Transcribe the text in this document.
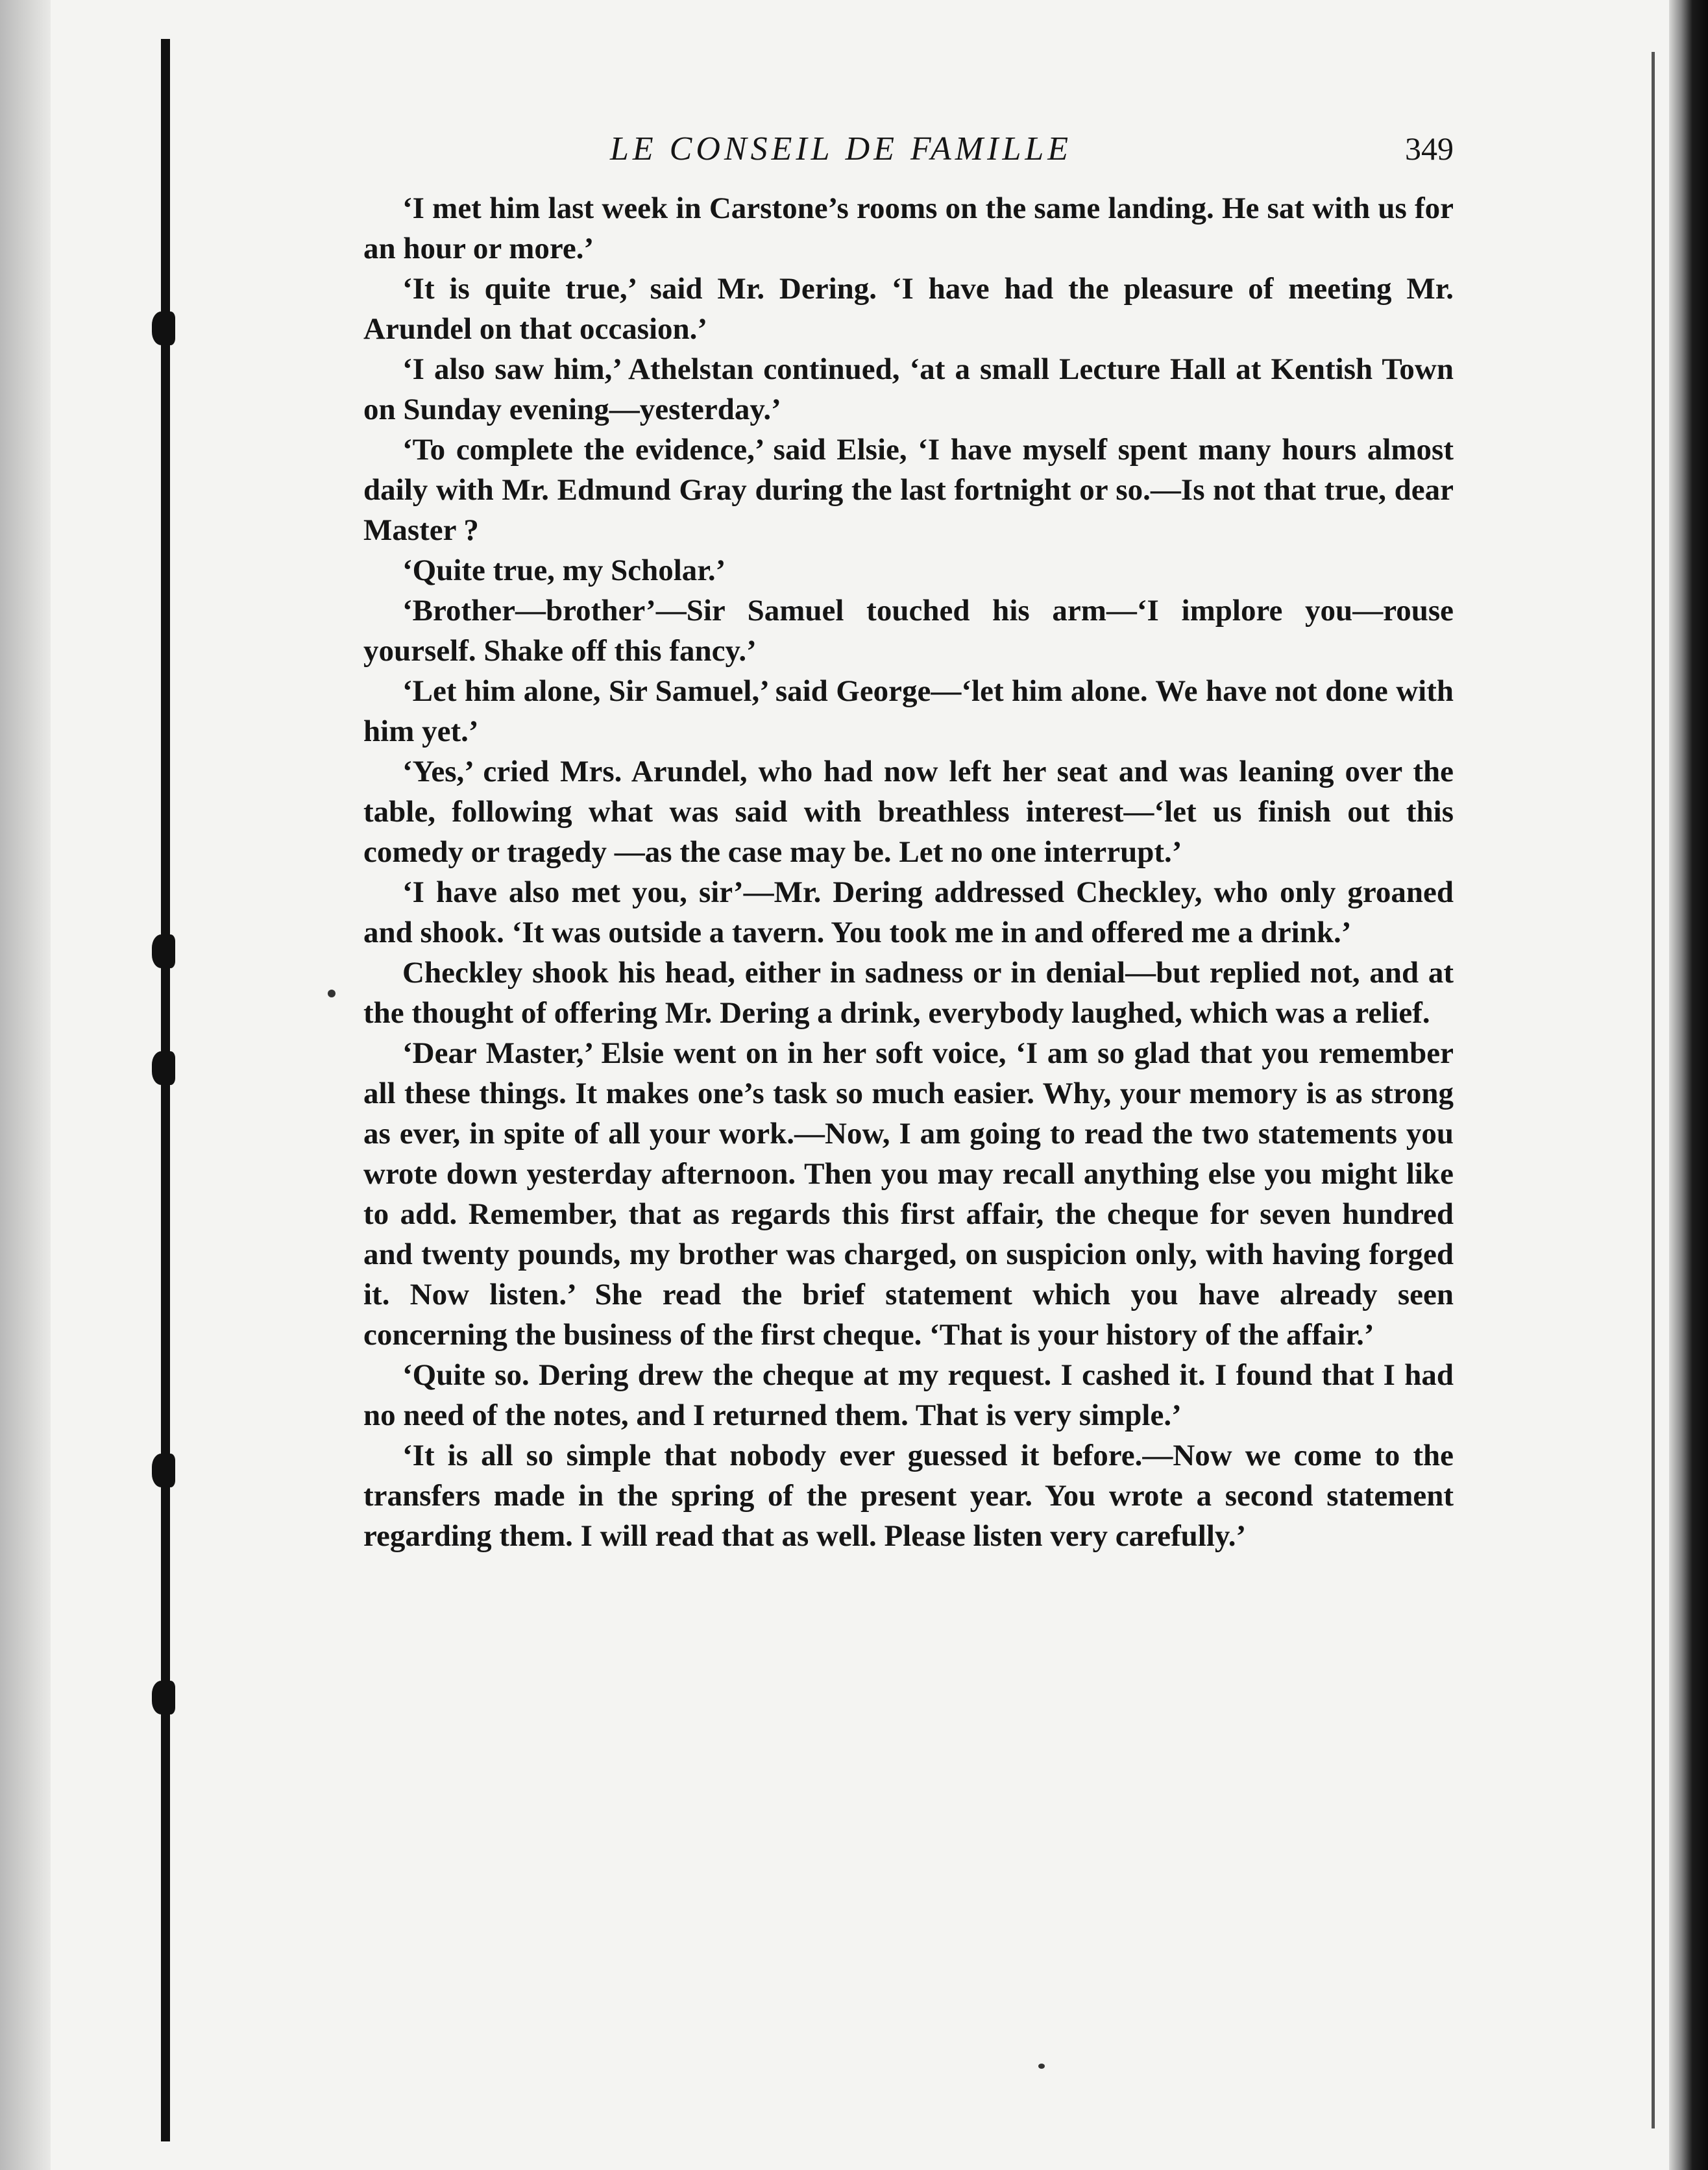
LE CONSEIL DE FAMILLE	349

‘I met him last week in Carstone’s rooms on the same landing. He sat with us for an hour or more.’

‘It is quite true,’ said Mr. Dering. ‘I have had the pleasure of meeting Mr. Arundel on that occasion.’

‘I also saw him,’ Athelstan continued, ‘at a small Lecture Hall at Kentish Town on Sunday evening—yesterday.’

‘To complete the evidence,’ said Elsie, ‘I have myself spent many hours almost daily with Mr. Edmund Gray during the last fortnight or so.—Is not that true, dear Master ?

‘Quite true, my Scholar.’

‘Brother—brother’—Sir Samuel touched his arm—‘I implore you—rouse yourself. Shake off this fancy.’

‘Let him alone, Sir Samuel,’ said George—‘let him alone. We have not done with him yet.’

‘Yes,’ cried Mrs. Arundel, who had now left her seat and was leaning over the table, following what was said with breathless interest—‘let us finish out this comedy or tragedy —as the case may be. Let no one interrupt.’

‘I have also met you, sir’—Mr. Dering addressed Checkley, who only groaned and shook. ‘It was outside a tavern. You took me in and offered me a drink.’

Checkley shook his head, either in sadness or in denial—but replied not, and at the thought of offering Mr. Dering a drink, everybody laughed, which was a relief.

‘Dear Master,’ Elsie went on in her soft voice, ‘I am so glad that you remember all these things. It makes one’s task so much easier. Why, your memory is as strong as ever, in spite of all your work.—Now, I am going to read the two statements you wrote down yesterday afternoon. Then you may recall anything else you might like to add. Remember, that as regards this first affair, the cheque for seven hundred and twenty pounds, my brother was charged, on suspicion only, with having forged it. Now listen.’ She read the brief statement which you have already seen concerning the business of the first cheque. ‘That is your history of the affair.’

‘Quite so. Dering drew the cheque at my request. I cashed it. I found that I had no need of the notes, and I returned them. That is very simple.’

‘It is all so simple that nobody ever guessed it before.—Now we come to the transfers made in the spring of the present year. You wrote a second statement regarding them. I will read that as well. Please listen very carefully.’
